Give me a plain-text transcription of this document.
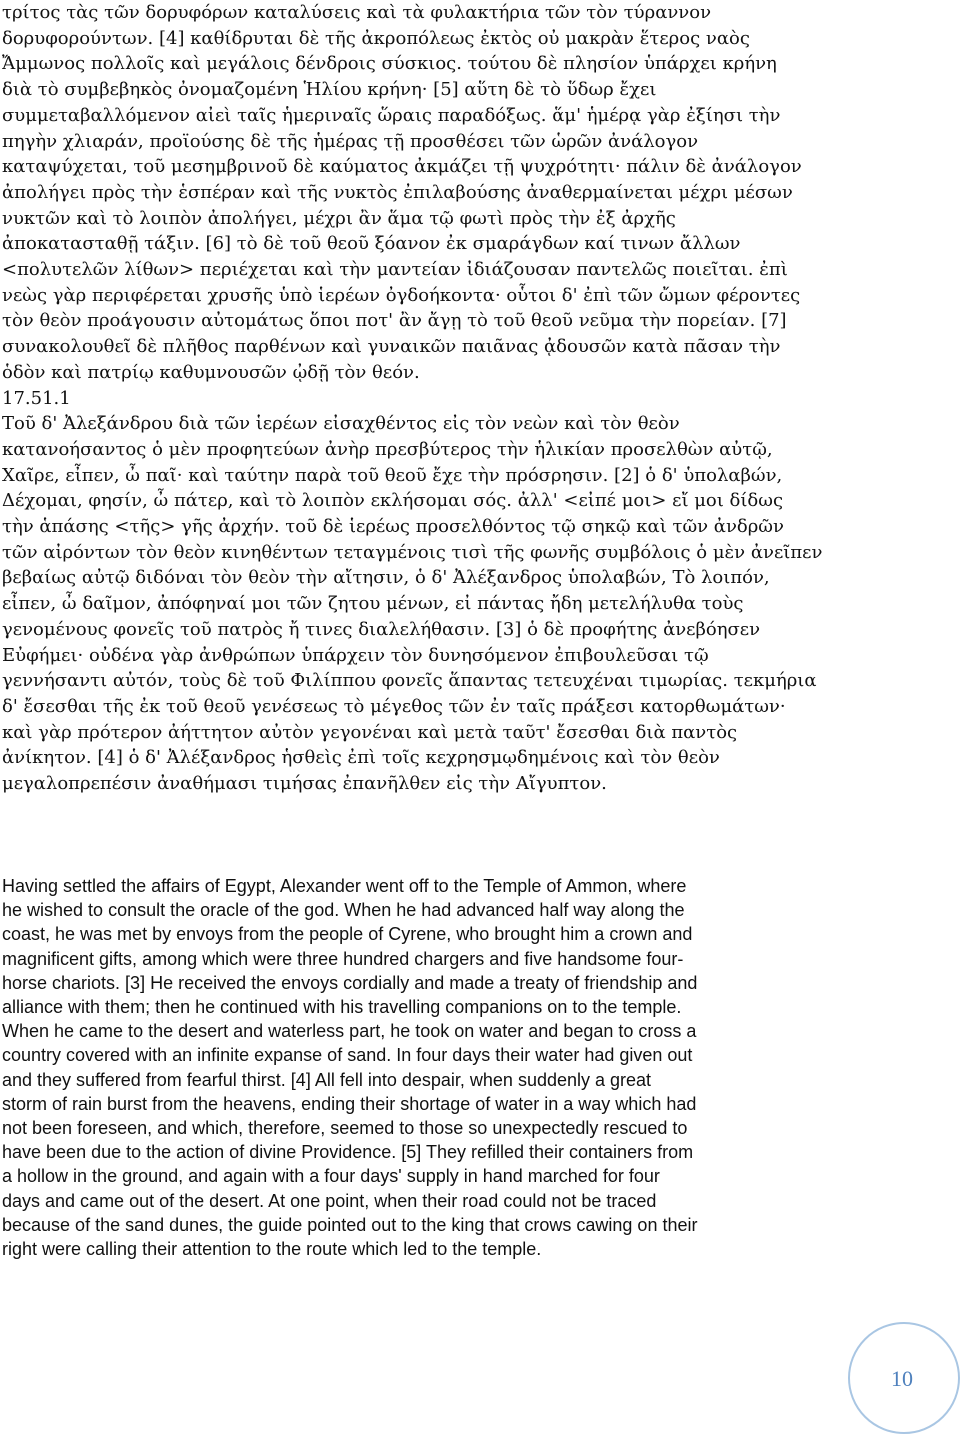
τρίτος τὰς τῶν δορυφόρων καταλύσεις καὶ τὰ φυλακτήρια τῶν τὸν τύραννον
δορυφορούντων. [4] καθίδρυται δὲ τῆς ἀκροπόλεως ἐκτὸς οὐ μακρὰν ἕτερος ναὸς
Ἄμμωνος πολλοῖς καὶ μεγάλοις δένδροις σύσκιος. τούτου δὲ πλησίον ὑπάρχει κρήνη
διὰ τὸ συμβεβηκὸς ὀνομαζομένη Ἡλίου κρήνη· [5] αὕτη δὲ τὸ ὕδωρ ἔχει
συμμεταβαλλόμενον αἰεὶ ταῖς ἡμεριναῖς ὥραις παραδόξως. ἅμ' ἡμέρᾳ γὰρ ἐξίησι τὴν
πηγὴν χλιαράν, προϊούσης δὲ τῆς ἡμέρας τῇ προσθέσει τῶν ὡρῶν ἀνάλογον
καταψύχεται, τοῦ μεσημβρινοῦ δὲ καύματος ἀκμάζει τῇ ψυχρότητι· πάλιν δὲ ἀνάλογον
ἀπολήγει πρὸς τὴν ἑσπέραν καὶ τῆς νυκτὸς ἐπιλαβούσης ἀναθερμαίνεται μέχρι μέσων
νυκτῶν καὶ τὸ λοιπὸν ἀπολήγει, μέχρι ἂν ἅμα τῷ φωτὶ πρὸς τὴν ἐξ ἀρχῆς
ἀποκατασταθῇ τάξιν. [6] τὸ δὲ τοῦ θεοῦ ξόανον ἐκ σμαράγδων καί τινων ἄλλων
<πολυτελῶν λίθων> περιέχεται καὶ τὴν μαντείαν ἰδιάζουσαν παντελῶς ποιεῖται. ἐπὶ
νεὼς γὰρ περιφέρεται χρυσῆς ὑπὸ ἱερέων ὀγδοήκοντα· οὗτοι δ' ἐπὶ τῶν ὤμων φέροντες
τὸν θεὸν προάγουσιν αὐτομάτως ὅποι ποτ' ἂν ἄγῃ τὸ τοῦ θεοῦ νεῦμα τὴν πορείαν. [7]
συνακολουθεῖ δὲ πλῆθος παρθένων καὶ γυναικῶν παιᾶνας ᾀδουσῶν κατὰ πᾶσαν τὴν
ὁδὸν καὶ πατρίῳ καθυμνουσῶν ᾠδῇ τὸν θεόν.
17.51.1
Τοῦ δ' Ἀλεξάνδρου διὰ τῶν ἱερέων εἰσαχθέντος εἰς τὸν νεὼν καὶ τὸν θεὸν
κατανοήσαντος ὁ μὲν προφητεύων ἀνὴρ πρεσβύτερος τὴν ἡλικίαν προσελθὼν αὐτῷ,
Χαῖρε, εἶπεν, ὦ παῖ· καὶ ταύτην παρὰ τοῦ θεοῦ ἔχε τὴν πρόσρησιν. [2] ὁ δ' ὑπολαβών,
Δέχομαι, φησίν, ὦ πάτερ, καὶ τὸ λοιπὸν εκλήσομαι σός. ἀλλ' <εἰπέ μοι> εἴ μοι δίδως
τὴν ἁπάσης <τῆς> γῆς ἀρχήν. τοῦ δὲ ἱερέως προσελθόντος τῷ σηκῷ καὶ τῶν ἀνδρῶν
τῶν αἰρόντων τὸν θεὸν κινηθέντων τεταγμένοις τισὶ τῆς φωνῆς συμβόλοις ὁ μὲν ἀνεῖπεν
βεβαίως αὐτῷ διδόναι τὸν θεὸν τὴν αἴτησιν, ὁ δ' Ἀλέξανδρος ὑπολαβών, Τὸ λοιπόν,
εἶπεν, ὦ δαῖμον, ἀπόφηναί μοι τῶν ζητου μένων, εἰ πάντας ἤδη μετελήλυθα τοὺς
γενομένους φονεῖς τοῦ πατρὸς ἤ τινες διαλελήθασιν. [3] ὁ δὲ προφήτης ἀνεβόησεν
Εὐφήμει· οὐδένα γὰρ ἀνθρώπων ὑπάρχειν τὸν δυνησόμενον ἐπιβουλεῦσαι τῷ
γεννήσαντι αὐτόν, τοὺς δὲ τοῦ Φιλίππου φονεῖς ἅπαντας τετευχέναι τιμωρίας. τεκμήρια
δ' ἔσεσθαι τῆς ἐκ τοῦ θεοῦ γενέσεως τὸ μέγεθος τῶν ἐν ταῖς πράξεσι κατορθωμάτων·
καὶ γὰρ πρότερον ἀήττητον αὐτὸν γεγονέναι καὶ μετὰ ταῦτ' ἔσεσθαι διὰ παντὸς
ἀνίκητον. [4] ὁ δ' Ἀλέξανδρος ἡσθεὶς ἐπὶ τοῖς κεχρησμῳδημένοις καὶ τὸν θεὸν
μεγαλοπρεπέσιν ἀναθήμασι τιμήσας ἐπανῆλθεν εἰς τὴν Αἴγυπτον.
Having settled the affairs of Egypt, Alexander went off to the Temple of Ammon, where
he wished to consult the oracle of the god. When he had advanced half way along the
coast, he was met by envoys from the people of Cyrene, who brought him a crown and
magnificent gifts, among which were three hundred chargers and five handsome four-
horse chariots. [3] He received the envoys cordially and made a treaty of friendship and
alliance with them; then he continued with his travelling companions on to the temple.
When he came to the desert and waterless part, he took on water and began to cross a
country covered with an infinite expanse of sand. In four days their water had given out
and they suffered from fearful thirst. [4] All fell into despair, when suddenly a great
storm of rain burst from the heavens, ending their shortage of water in a way which had
not been foreseen, and which, therefore, seemed to those so unexpectedly rescued to
have been due to the action of divine Providence. [5] They refilled their containers from
a hollow in the ground, and again with a four days' supply in hand marched for four
days and came out of the desert. At one point, when their road could not be traced
because of the sand dunes, the guide pointed out to the king that crows cawing on their
right were calling their attention to the route which led to the temple.
10
